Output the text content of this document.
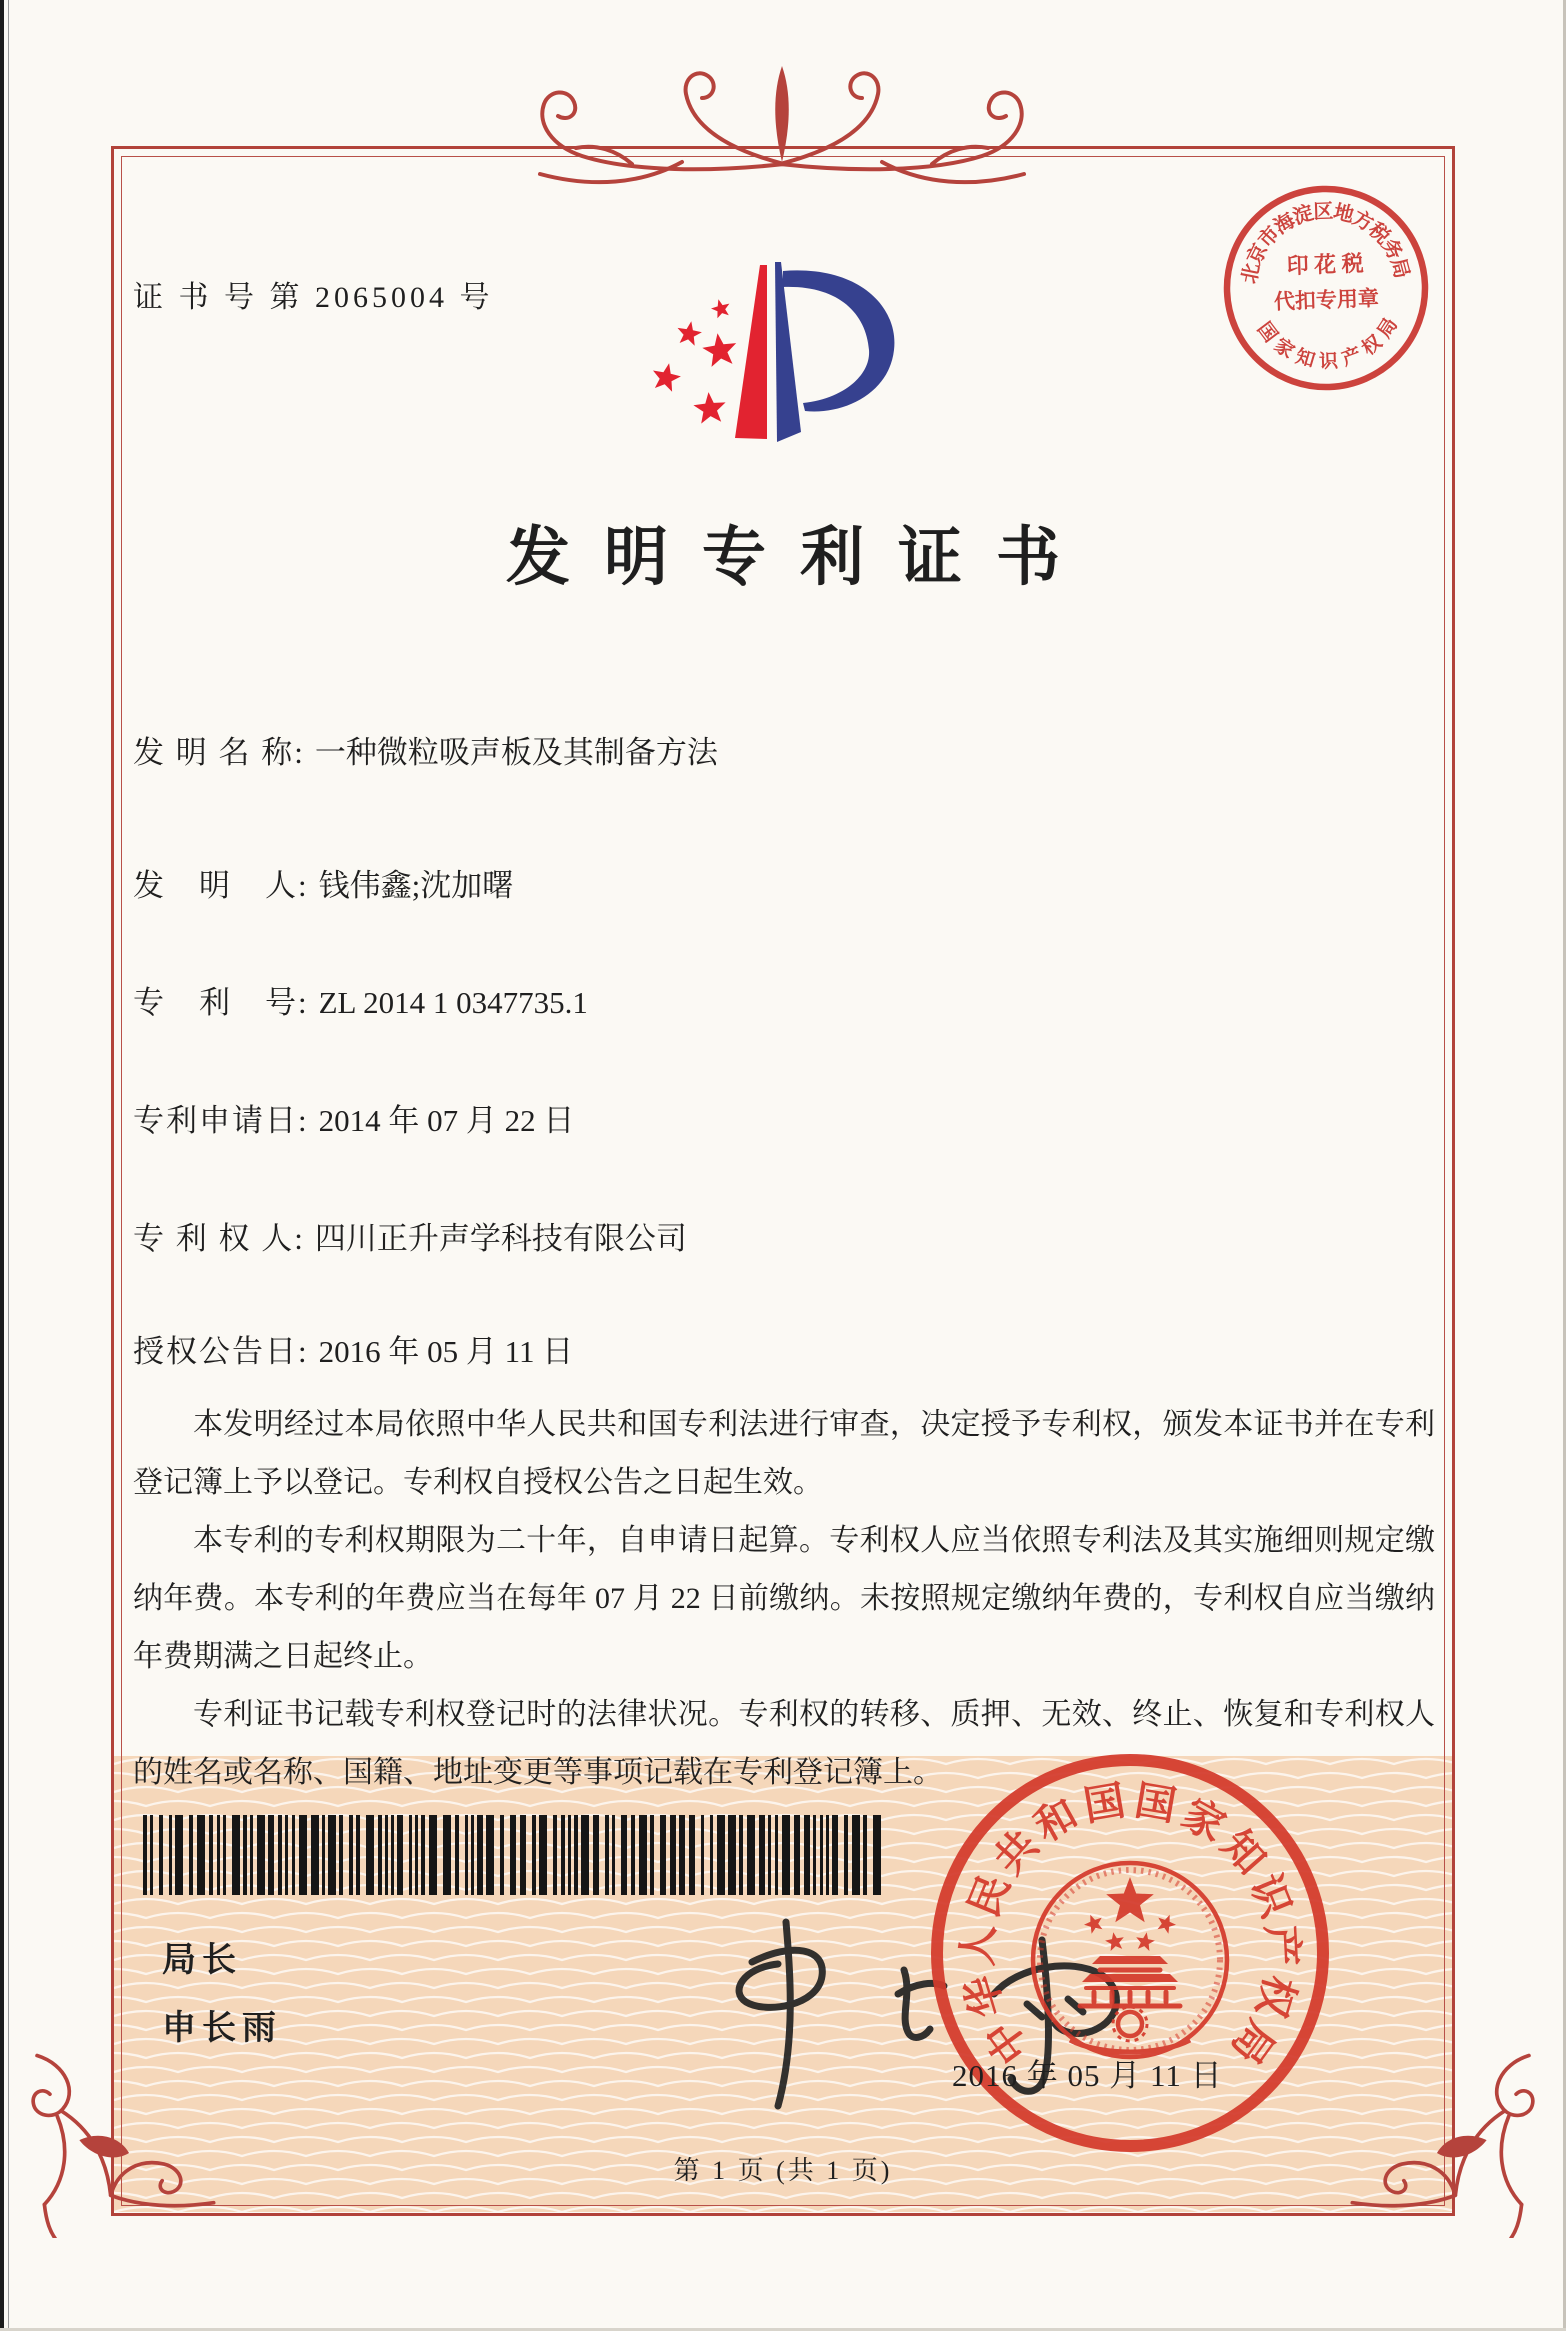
证 书 号 第 2065004 号
北
京
市
海
淀
区
地
方
税
务
局
国
家
知 识 产
权
局
印 花 税
代扣专用章
发明专利证书
发 明 名 称: 一种微粒吸声板及其制备方法
发　明　人: 钱伟鑫;沈加曙
专　利　号: ZL 2014 1 0347735.1
专利申请日: 2014 年 07 月 22 日
专 利 权 人: 四川正升声学科技有限公司
授权公告日: 2016 年 05 月 11 日

本发明经过本局依照中华人民共和国专利法进行审查，决定授予专利权，颁发本证书并在专利登记簿上予以登记。专利权自授权公告之日起生效。

本专利的专利权期限为二十年，自申请日起算。专利权人应当依照专利法及其实施细则规定缴纳年费。本专利的年费应当在每年 07 月 22 日前缴纳。未按照规定缴纳年费的，专利权自应当缴纳年费期满之日起终止。

专利证书记载专利权登记时的法律状况。专利权的转移、质押、无效、终止、恢复和专利权人的姓名或名称、国籍、地址变更等事项记载在专利登记簿上。

局长
申长雨	中
华
人
民
共
和
国 国
家
知
识
产
权
局
2016 年 05 月 11 日
第 1 页 (共 1 页)
